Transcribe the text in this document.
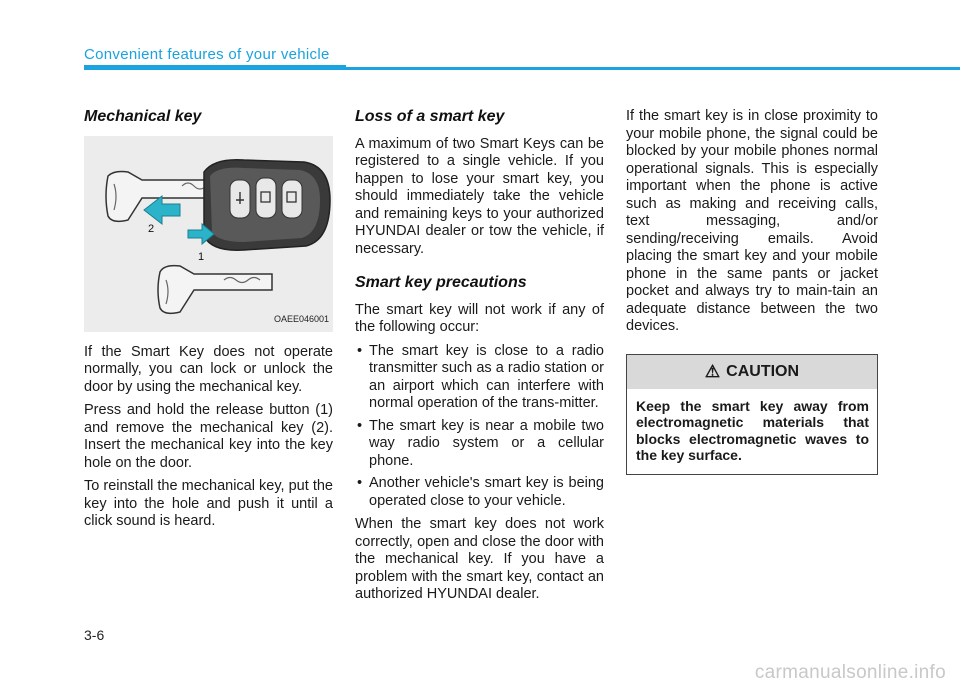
Convenient features of your vehicle
Mechanical key
2
1
OAEE046001

If the Smart Key does not operate normally, you can lock or unlock the door by using the mechanical key.

Press and hold the release button (1) and remove the mechanical key (2). Insert the mechanical key into the key hole on the door.

To reinstall the mechanical key, put the key into the hole and push it until a click sound is heard.

Loss of a smart key

A maximum of two Smart Keys can be registered to a single vehicle. If you happen to lose your smart key, you should immediately take the vehicle and remaining keys to your authorized HYUNDAI dealer or tow the vehicle, if necessary.

Smart key precautions

The smart key will not work if any of the following occur:

• The smart key is close to a radio transmitter such as a radio station or an airport which can interfere with normal operation of the trans-mitter.
• The smart key is near a mobile two way radio system or a cellular phone.
• Another vehicle's smart key is being operated close to your vehicle.

When the smart key does not work correctly, open and close the door with the mechanical key. If you have a problem with the smart key, contact an authorized HYUNDAI dealer.

If the smart key is in close proximity to your mobile phone, the signal could be blocked by your mobile phones normal operational signals. This is especially important when the phone is active such as making and receiving calls, text messaging, and/or sending/receiving emails. Avoid placing the smart key and your mobile phone in the same pants or jacket pocket and always try to main-tain an adequate distance between the two devices.

⚠ CAUTION
Keep the smart key away from electromagnetic materials that blocks electromagnetic waves to the key surface.
3-6
carmanualsonline.info
